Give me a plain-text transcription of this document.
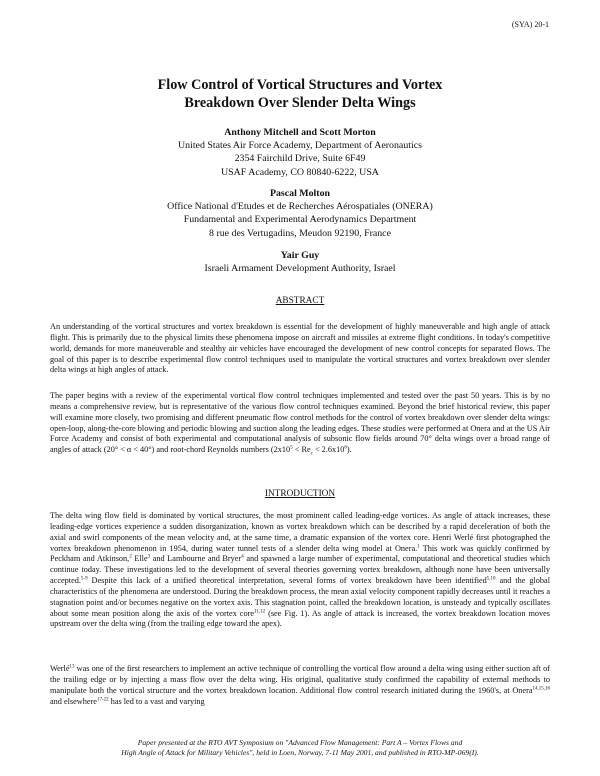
(SYA) 20-1
Flow Control of Vortical Structures and Vortex
Breakdown Over Slender Delta Wings
Anthony Mitchell and Scott Morton
United States Air Force Academy, Department of Aeronautics
2354 Fairchild Drive, Suite 6F49
USAF Academy, CO 80840-6222, USA
Pascal Molton
Office National d'Etudes et de Recherches Aérospatiales (ONERA)
Fundamental and Experimental Aerodynamics Department
8 rue des Vertugadins, Meudon 92190, France
Yair Guy
Israeli Armament Development Authority, Israel
ABSTRACT

An understanding of the vortical structures and vortex breakdown is essential for the development of highly maneuverable and high angle of attack flight. This is primarily due to the physical limits these phenomena impose on aircraft and missiles at extreme flight conditions. In today's competitive world, demands for more maneuverable and stealthy air vehicles have encouraged the development of new control concepts for separated flows. The goal of this paper is to describe experimental flow control techniques used to manipulate the vortical structures and vortex breakdown over slender delta wings at high angles of attack.

The paper begins with a review of the experimental vortical flow control techniques implemented and tested over the past 50 years. This is by no means a comprehensive review, but is representative of the various flow control techniques examined. Beyond the brief historical review, this paper will examine more closely, two promising and different pneumatic flow control methods for the control of vortex breakdown over slender delta wings: open-loop, along-the-core blowing and periodic blowing and suction along the leading edges. These studies were performed at Onera and at the US Air Force Academy and consist of both experimental and computational analysis of subsonic flow fields around 70° delta wings over a broad range of angles of attack (20° < α < 40°) and root-chord Reynolds numbers $(2x10^5 < Re_c < 2.6x10^6)$.

INTRODUCTION

The delta wing flow field is dominated by vortical structures, the most prominent called leading-edge vortices. As angle of attack increases, these leading-edge vortices experience a sudden disorganization, known as vortex breakdown which can be described by a rapid deceleration of both the axial and swirl components of the mean velocity and, at the same time, a dramatic expansion of the vortex core. Henri Werlé first photographed the vortex breakdown phenomenon in 1954, during water tunnel tests of a slender delta wing model at Onera.$^1$ This work was quickly confirmed by Peckham and Atkinson,$^2$ Elle$^3$ and Lambourne and Bryer$^4$ and spawned a large number of experimental, computational and theoretical studies which continue today. These investigations led to the development of several theories governing vortex breakdown, although none have been universally accepted.$^{5-9}$ Despite this lack of a unified theoretical interpretation, several forms of vortex breakdown have been identified$^{5,10}$ and the global characteristics of the phenomena are understood. During the breakdown process, the mean axial velocity component rapidly decreases until it reaches a stagnation point and/or becomes negative on the vortex axis. This stagnation point, called the breakdown location, is unsteady and typically oscillates about some mean position along the axis of the vortex core$^{11,12}$ (see Fig. 1). As angle of attack is increased, the vortex breakdown location moves upstream over the delta wing (from the trailing edge toward the apex).

Werlé$^{13}$ was one of the first researchers to implement an active technique of controlling the vortical flow around a delta wing using either suction aft of the trailing edge or by injecting a mass flow over the delta wing. His original, qualitative study confirmed the capability of external methods to manipulate both the vortical structure and the vortex breakdown location. Additional flow control research initiated during the 1960's, at Onera$^{14,15,16}$ and elsewhere$^{17-22}$ has led to a vast and varying

Paper presented at the RTO AVT Symposium on "Advanced Flow Management: Part A – Vortex Flows and
High Angle of Attack for Military Vehicles", held in Loen, Norway, 7-11 May 2001, and published in RTO-MP-069(I).
